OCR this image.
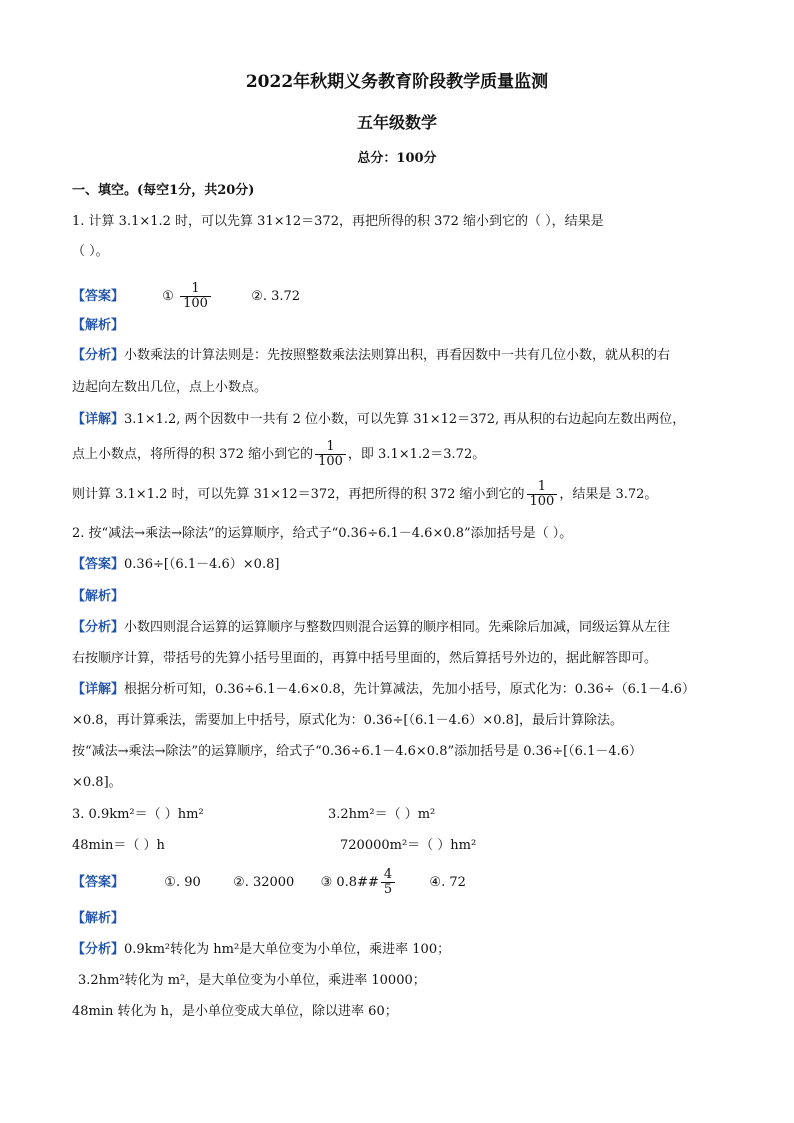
2022年秋期义务教育阶段教学质量监测
五年级数学
总分：100分
一、填空。(每空1分，共20分)
1. 计算 3.1×1.2 时，可以先算 31×12＝372，再把所得的积 372 缩小到它的（ ），结果是
（ ）。
【答案】	① $\frac{1}{100}$	②. 3.72
【解析】
【分析】小数乘法的计算法则是：先按照整数乘法法则算出积，再看因数中一共有几位小数，就从积的右
边起向左数出几位，点上小数点。
【详解】3.1×1.2, 两个因数中一共有 2 位小数，可以先算 31×12＝372, 再从积的右边起向左数出两位，
点上小数点，将所得的积 372 缩小到它的 $\frac{1}{100}$ ，即 3.1×1.2＝3.72。
则计算 3.1×1.2 时，可以先算 31×12＝372，再把所得的积 372 缩小到它的 $\frac{1}{100}$ ，结果是 3.72。
2. 按“减法→乘法→除法”的运算顺序，给式子“0.36÷6.1－4.6×0.8”添加括号是（ ）。
【答案】0.36÷[（6.1－4.6）×0.8]
【解析】
【分析】小数四则混合运算的运算顺序与整数四则混合运算的顺序相同。先乘除后加减，同级运算从左往
右按顺序计算，带括号的先算小括号里面的，再算中括号里面的，然后算括号外边的，据此解答即可。
【详解】根据分析可知，0.36÷6.1－4.6×0.8，先计算减法，先加小括号，原式化为：0.36÷（6.1－4.6）
×0.8，再计算乘法，需要加上中括号，原式化为：0.36÷[（6.1－4.6）×0.8]，最后计算除法。
按“减法→乘法→除法”的运算顺序，给式子“0.36÷6.1－4.6×0.8”添加括号是 0.36÷[（6.1－4.6）
×0.8]。
3. 0.9km²＝（ ）hm²	3.2hm²＝（ ）m²
48min＝（ ）h	720000m²＝（ ）hm²
【答案】	①. 90 ②. 32000 ③ 0.8## $\frac{4}{5}$	④. 72
【解析】
【分析】0.9km²转化为 hm²是大单位变为小单位，乘进率 100；
3.2hm²转化为 m²，是大单位变为小单位，乘进率 10000；
48min 转化为 h，是小单位变成大单位，除以进率 60；
